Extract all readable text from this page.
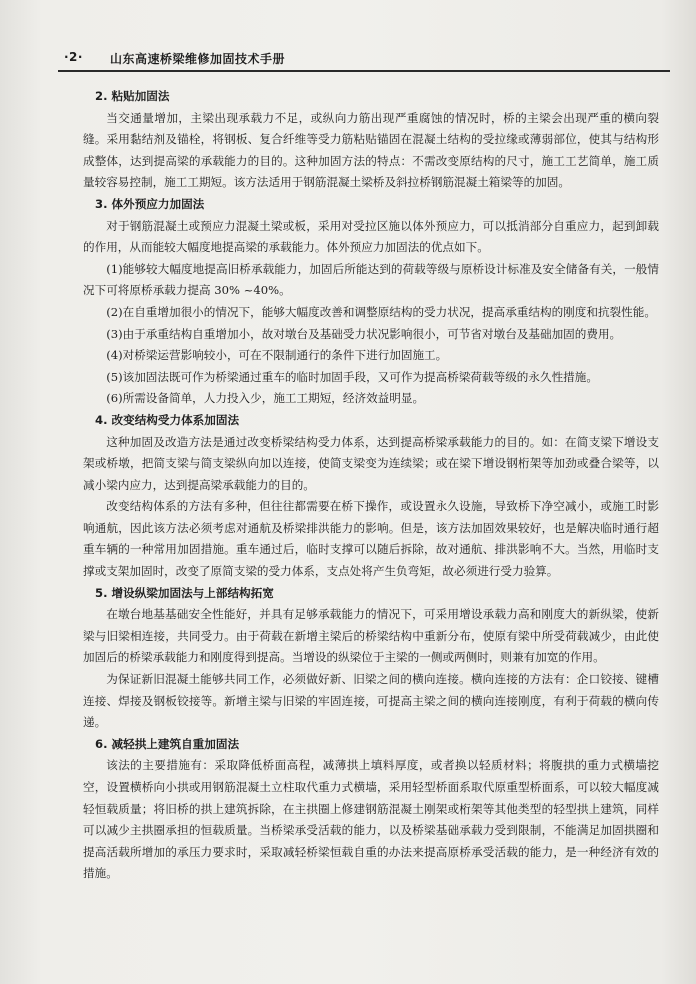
·2· 山东高速桥梁维修加固技术手册

2. 粘贴加固法

当交通量增加，主梁出现承载力不足，或纵向力筋出现严重腐蚀的情况时，桥的主梁会出现严重的横向裂缝。采用黏结剂及锚栓，将钢板、复合纤维等受力筋粘贴锚固在混凝土结构的受拉缘或薄弱部位，使其与结构形成整体，达到提高梁的承载能力的目的。这种加固方法的特点：不需改变原结构的尺寸，施工工艺简单，施工质量较容易控制，施工工期短。该方法适用于钢筋混凝土梁桥及斜拉桥钢筋混凝土箱梁等的加固。

3. 体外预应力加固法

对于钢筋混凝土或预应力混凝土梁或板，采用对受拉区施以体外预应力，可以抵消部分自重应力，起到卸载的作用，从而能较大幅度地提高梁的承载能力。体外预应力加固法的优点如下。

(1)能够较大幅度地提高旧桥承载能力，加固后所能达到的荷载等级与原桥设计标准及安全储备有关，一般情况下可将原桥承载力提高 30% ~40%。

(2)在自重增加很小的情况下，能够大幅度改善和调整原结构的受力状况，提高承重结构的刚度和抗裂性能。

(3)由于承重结构自重增加小，故对墩台及基础受力状况影响很小，可节省对墩台及基础加固的费用。

(4)对桥梁运营影响较小，可在不限制通行的条件下进行加固施工。

(5)该加固法既可作为桥梁通过重车的临时加固手段，又可作为提高桥梁荷载等级的永久性措施。

(6)所需设备简单，人力投入少，施工工期短，经济效益明显。

4. 改变结构受力体系加固法

这种加固及改造方法是通过改变桥梁结构受力体系，达到提高桥梁承载能力的目的。如：在简支梁下增设支架或桥墩，把简支梁与简支梁纵向加以连接，使简支梁变为连续梁；或在梁下增设钢桁架等加劲或叠合梁等，以减小梁内应力，达到提高梁承载能力的目的。

改变结构体系的方法有多种，但往往都需要在桥下操作，或设置永久设施，导致桥下净空减小，或施工时影响通航，因此该方法必须考虑对通航及桥梁排洪能力的影响。但是，该方法加固效果较好，也是解决临时通行超重车辆的一种常用加固措施。重车通过后，临时支撑可以随后拆除，故对通航、排洪影响不大。当然，用临时支撑或支架加固时，改变了原简支梁的受力体系，支点处将产生负弯矩，故必须进行受力验算。

5. 增设纵梁加固法与上部结构拓宽

在墩台地基基础安全性能好，并具有足够承载能力的情况下，可采用增设承载力高和刚度大的新纵梁，使新梁与旧梁相连接，共同受力。由于荷载在新增主梁后的桥梁结构中重新分布，使原有梁中所受荷载减少，由此使加固后的桥梁承载能力和刚度得到提高。当增设的纵梁位于主梁的一侧或两侧时，则兼有加宽的作用。

为保证新旧混凝土能够共同工作，必须做好新、旧梁之间的横向连接。横向连接的方法有：企口铰接、键槽连接、焊接及钢板铰接等。新增主梁与旧梁的牢固连接，可提高主梁之间的横向连接刚度，有利于荷载的横向传递。

6. 减轻拱上建筑自重加固法

该法的主要措施有：采取降低桥面高程，减薄拱上填料厚度，或者换以轻质材料；将腹拱的重力式横墙挖空，设置横桥向小拱或用钢筋混凝土立柱取代重力式横墙，采用轻型桥面系取代原重型桥面系，可以较大幅度减轻恒载质量；将旧桥的拱上建筑拆除，在主拱圈上修建钢筋混凝土刚架或桁架等其他类型的轻型拱上建筑，同样可以减少主拱圈承担的恒载质量。当桥梁承受活载的能力，以及桥梁基础承载力受到限制，不能满足加固拱圈和提高活载所增加的承压力要求时，采取减轻桥梁恒载自重的办法来提高原桥承受活载的能力，是一种经济有效的措施。
